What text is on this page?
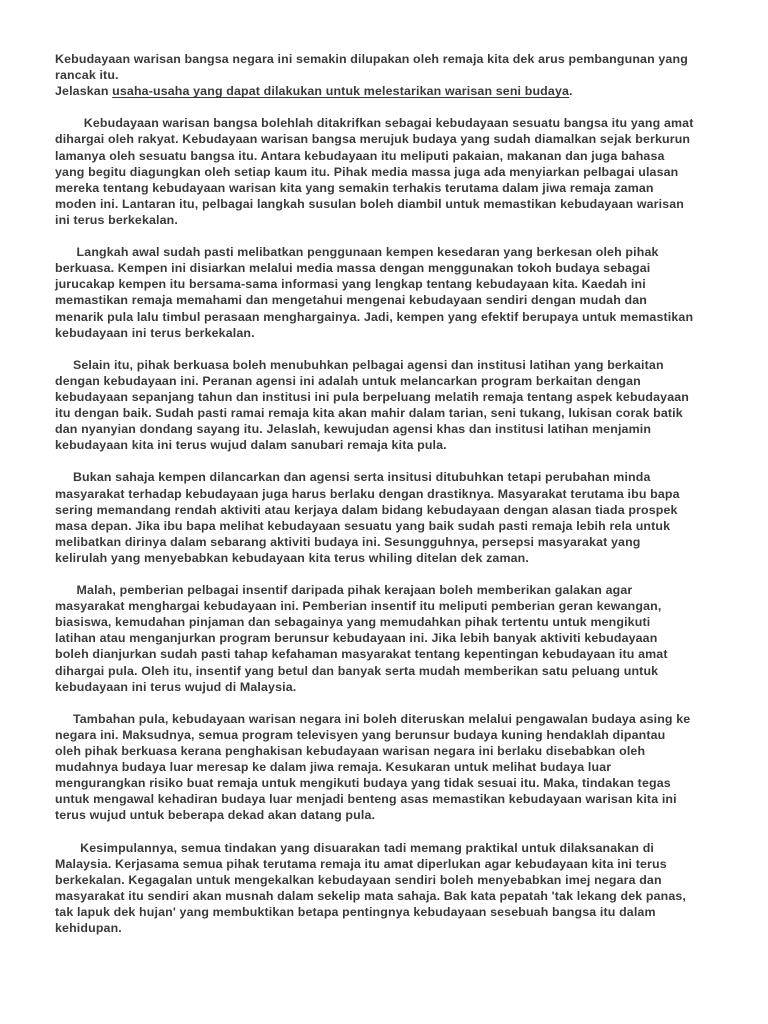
Kebudayaan warisan bangsa negara ini semakin dilupakan oleh remaja kita dek arus pembangunan yang
rancak itu.
Jelaskan usaha-usaha yang dapat dilakukan untuk melestarikan warisan seni budaya.
Kebudayaan warisan bangsa bolehlah ditakrifkan sebagai kebudayaan sesuatu bangsa itu yang amat
dihargai oleh rakyat. Kebudayaan warisan bangsa merujuk budaya yang sudah diamalkan sejak berkurun
lamanya oleh sesuatu bangsa itu. Antara kebudayaan itu meliputi pakaian, makanan dan juga bahasa
yang begitu diagungkan oleh setiap kaum itu. Pihak media massa juga ada menyiarkan pelbagai ulasan
mereka tentang kebudayaan warisan kita yang semakin terhakis terutama dalam jiwa remaja zaman
moden ini. Lantaran itu, pelbagai langkah susulan boleh diambil untuk memastikan kebudayaan warisan
ini terus berkekalan.
Langkah awal sudah pasti melibatkan penggunaan kempen kesedaran yang berkesan oleh pihak
berkuasa. Kempen ini disiarkan melalui media massa dengan menggunakan tokoh budaya sebagai
jurucakap kempen itu bersama-sama informasi yang lengkap tentang kebudayaan kita. Kaedah ini
memastikan remaja memahami dan mengetahui mengenai kebudayaan sendiri dengan mudah dan
menarik pula lalu timbul perasaan menghargainya. Jadi, kempen yang efektif berupaya untuk memastikan
kebudayaan ini terus berkekalan.
Selain itu, pihak berkuasa boleh menubuhkan pelbagai agensi dan institusi latihan yang berkaitan
dengan kebudayaan ini. Peranan agensi ini adalah untuk melancarkan program berkaitan dengan
kebudayaan sepanjang tahun dan institusi ini pula berpeluang melatih remaja tentang aspek kebudayaan
itu dengan baik. Sudah pasti ramai remaja kita akan mahir dalam tarian, seni tukang, lukisan corak batik
dan nyanyian dondang sayang itu. Jelaslah, kewujudan agensi khas dan institusi latihan menjamin
kebudayaan kita ini terus wujud dalam sanubari remaja kita pula.
Bukan sahaja kempen dilancarkan dan agensi serta insitusi ditubuhkan tetapi perubahan minda
masyarakat terhadap kebudayaan juga harus berlaku dengan drastiknya. Masyarakat terutama ibu bapa
sering memandang rendah aktiviti atau kerjaya dalam bidang kebudayaan dengan alasan tiada prospek
masa depan. Jika ibu bapa melihat kebudayaan sesuatu yang baik sudah pasti remaja lebih rela untuk
melibatkan dirinya dalam sebarang aktiviti budaya ini. Sesungguhnya, persepsi masyarakat yang
kelirulah yang menyebabkan kebudayaan kita terus whiling ditelan dek zaman.
Malah, pemberian pelbagai insentif daripada pihak kerajaan boleh memberikan galakan agar
masyarakat menghargai kebudayaan ini. Pemberian insentif itu meliputi pemberian geran kewangan,
biasiswa, kemudahan pinjaman dan sebagainya yang memudahkan pihak tertentu untuk mengikuti
latihan atau menganjurkan program berunsur kebudayaan ini. Jika lebih banyak aktiviti kebudayaan
boleh dianjurkan sudah pasti tahap kefahaman masyarakat tentang kepentingan kebudayaan itu amat
dihargai pula. Oleh itu, insentif yang betul dan banyak serta mudah memberikan satu peluang untuk
kebudayaan ini terus wujud di Malaysia.
Tambahan pula, kebudayaan warisan negara ini boleh diteruskan melalui pengawalan budaya asing ke
negara ini. Maksudnya, semua program televisyen yang berunsur budaya kuning hendaklah dipantau
oleh pihak berkuasa kerana penghakisan kebudayaan warisan negara ini berlaku disebabkan oleh
mudahnya budaya luar meresap ke dalam jiwa remaja. Kesukaran untuk melihat budaya luar
mengurangkan risiko buat remaja untuk mengikuti budaya yang tidak sesuai itu. Maka, tindakan tegas
untuk mengawal kehadiran budaya luar menjadi benteng asas memastikan kebudayaan warisan kita ini
terus wujud untuk beberapa dekad akan datang pula.
Kesimpulannya, semua tindakan yang disuarakan tadi memang praktikal untuk dilaksanakan di
Malaysia. Kerjasama semua pihak terutama remaja itu amat diperlukan agar kebudayaan kita ini terus
berkekalan. Kegagalan untuk mengekalkan kebudayaan sendiri boleh menyebabkan imej negara dan
masyarakat itu sendiri akan musnah dalam sekelip mata sahaja. Bak kata pepatah 'tak lekang dek panas,
tak lapuk dek hujan' yang membuktikan betapa pentingnya kebudayaan sesebuah bangsa itu dalam
kehidupan.
